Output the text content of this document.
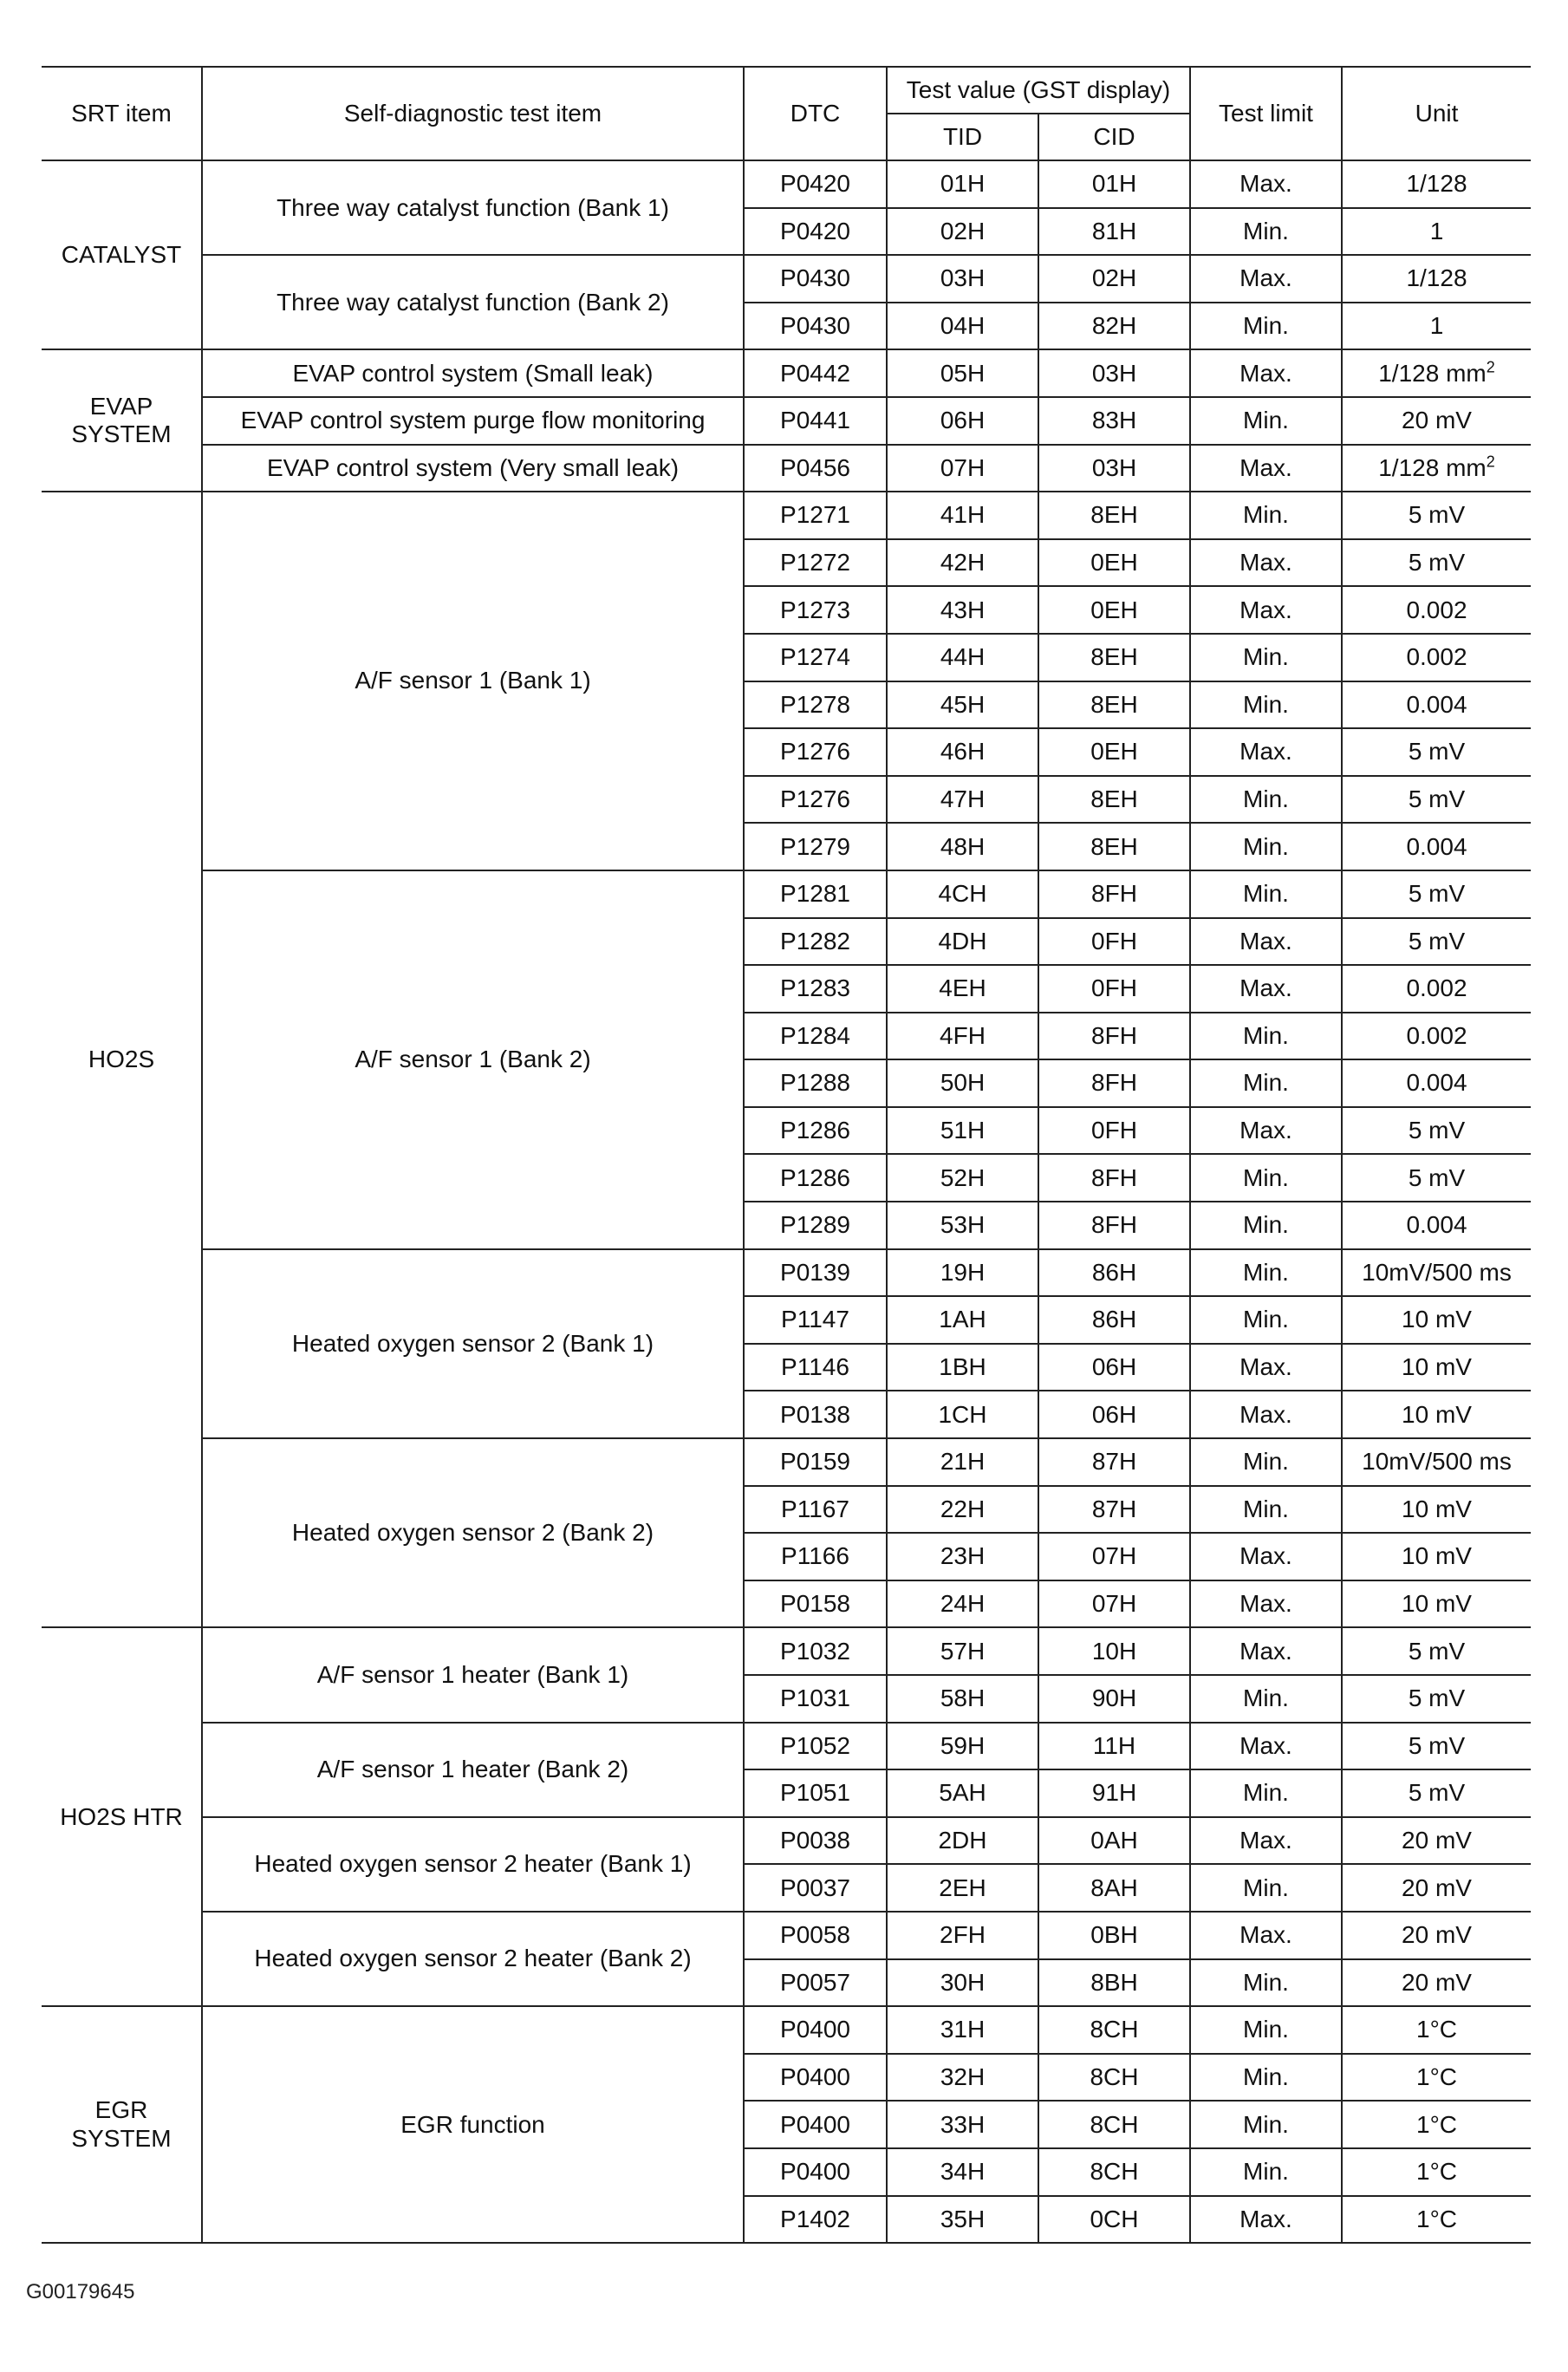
SRT item	Self-diagnostic test item	DTC	Test value (GST display)		Test limit	Unit
			TID	CID		
CATALYST	Three way catalyst function (Bank 1)	P0420	01H	01H	Max.	1/128
		P0420	02H	81H	Min.	1
	Three way catalyst function (Bank 2)	P0430	03H	02H	Max.	1/128
		P0430	04H	82H	Min.	1
EVAP SYSTEM	EVAP control system (Small leak)	P0442	05H	03H	Max.	1/128 $mm^2$
	EVAP control system purge flow monitoring	P0441	06H	83H	Min.	20 mV
	EVAP control system (Very small leak)	P0456	07H	03H	Max.	1/128 $mm^2$
HO2S	A/F sensor 1 (Bank 1)	P1271	41H	8EH	Min.	5 mV
		P1272	42H	0EH	Max.	5 mV
		P1273	43H	0EH	Max.	0.002
		P1274	44H	8EH	Min.	0.002
		P1278	45H	8EH	Min.	0.004
		P1276	46H	0EH	Max.	5 mV
		P1276	47H	8EH	Min.	5 mV
		P1279	48H	8EH	Min.	0.004
	A/F sensor 1 (Bank 2)	P1281	4CH	8FH	Min.	5 mV
		P1282	4DH	0FH	Max.	5 mV
		P1283	4EH	0FH	Max.	0.002
		P1284	4FH	8FH	Min.	0.002
		P1288	50H	8FH	Min.	0.004
		P1286	51H	0FH	Max.	5 mV
		P1286	52H	8FH	Min.	5 mV
		P1289	53H	8FH	Min.	0.004
	Heated oxygen sensor 2 (Bank 1)	P0139	19H	86H	Min.	10mV/500 ms
		P1147	1AH	86H	Min.	10 mV
		P1146	1BH	06H	Max.	10 mV
		P0138	1CH	06H	Max.	10 mV
	Heated oxygen sensor 2 (Bank 2)	P0159	21H	87H	Min.	10mV/500 ms
		P1167	22H	87H	Min.	10 mV
		P1166	23H	07H	Max.	10 mV
		P0158	24H	07H	Max.	10 mV
HO2S HTR	A/F sensor 1 heater (Bank 1)	P1032	57H	10H	Max.	5 mV
		P1031	58H	90H	Min.	5 mV
	A/F sensor 1 heater (Bank 2)	P1052	59H	11H	Max.	5 mV
		P1051	5AH	91H	Min.	5 mV
	Heated oxygen sensor 2 heater (Bank 1)	P0038	2DH	0AH	Max.	20 mV
		P0037	2EH	8AH	Min.	20 mV
	Heated oxygen sensor 2 heater (Bank 2)	P0058	2FH	0BH	Max.	20 mV
		P0057	30H	8BH	Min.	20 mV
EGR SYSTEM	EGR function	P0400	31H	8CH	Min.	1°C
		P0400	32H	8CH	Min.	1°C
		P0400	33H	8CH	Min.	1°C
		P0400	34H	8CH	Min.	1°C
		P1402	35H	0CH	Max.	1°C
G00179645
